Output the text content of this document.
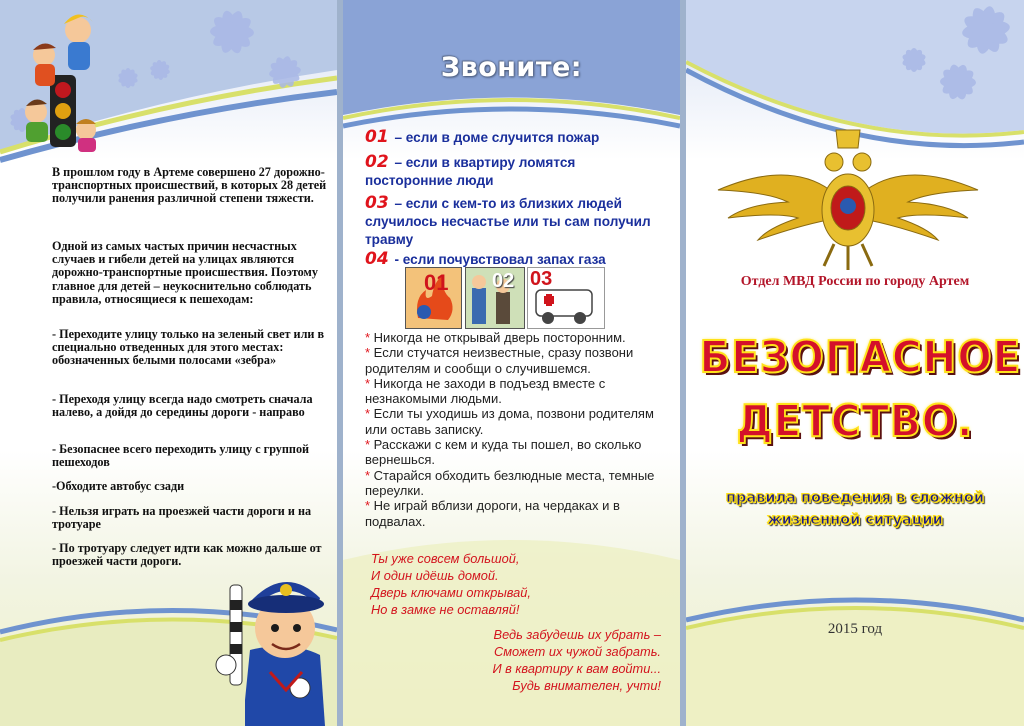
В прошлом году в Артеме совершено 27 дорожно-транспортных происшествий, в которых 28 детей получили ранения различной степени тяжести.

Одной из самых частых причин несчастных случаев и гибели детей на улицах являются дорожно-транспортные происшествия. Поэтому главное для детей – неукоснительно соблюдать правила, относящиеся к пешеходам:

- Переходите улицу только на зеленый свет или в специально отведенных для этого местах: обозначенных белыми полосами «зебра»

- Переходя улицу всегда надо смотреть сначала налево, а дойдя до середины дороги - направо

- Безопаснее всего переходить улицу с группой пешеходов

-Обходите автобус сзади

- Нельзя играть на проезжей части дороги и на тротуаре

- По тротуару следует идти как можно дальше от проезжей части дороги.

Звоните:
01 – если в доме случится пожар
02 – если в квартиру ломятся посторонние люди
03 – если с кем-то из близких людей случилось несчастье или ты сам получил травму
04 - если почувствовал запах газа
01 02 03
* Никогда не открывай дверь посторонним.
* Если стучатся неизвестные, сразу позвони родителям и сообщи о случившемся.
* Никогда не заходи в подъезд вместе с незнакомыми людьми.
* Если ты уходишь из дома, позвони родителям или оставь записку.
* Расскажи с кем и куда ты пошел, во сколько вернешься.
* Старайся обходить безлюдные места, темные переулки.
* Не играй вблизи дороги, на чердаках и в подвалах.
Ты уже совсем большой,
И один идёшь домой.
Дверь ключами открывай,
Но в замке не оставляй!
Ведь забудешь их убрать –
Сможет их чужой забрать.
И в квартиру к вам войти...
Будь внимателен, учти!
Отдел МВД России по городу Артем
БЕЗОПАСНОЕ
ДЕТСТВО.
правила поведения в сложной
жизненной ситуации
2015 год
